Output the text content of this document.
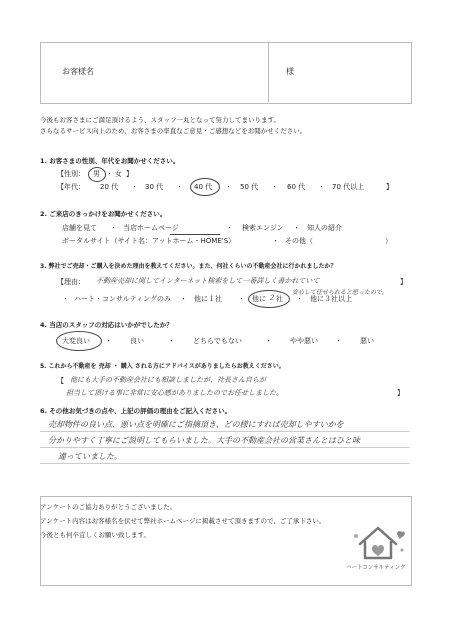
お客様名	様
今後もお客さまにご満足頂けるよう、スタッフ一丸となって努力してまいります。
さらなるサービス向上のため、お客さまの率直なご意見・ご感想などをお聞かせください。
1. お客さまの性別、年代をお聞かせください。
【性別： 男 ・ 女 】
【年代： 20 代 ・ 30 代 ・ 40 代 ・ 50 代 ・ 60 代 ・ 70 代以上	】
2. ご来店のきっかけをお聞かせください。
店舗を見て ・ 当店ホームページ	・ 検索エンジン ・ 知人の紹介
ポータルサイト（サイト名：アットホーム・HOME'S）	・ その他（	）
3. 弊社でご売却・ご購入を決めた理由を教えてください。また、何社くらいの不動産会社に行かれましたか？
【理由： 不動産売却に関してインターネット検索をして一番詳しく書かれていて
安心して任せられると思ったので。
】
・ ハート・コンサルティングのみ ・ 他に１社 ・ 他に ２ 社 ・ 他に３社以上
4. 当店のスタッフの対応はいかがでしたか？
大変良い ・	良い	・	どちらでもない	・	やや悪い ・	悪い
5. これから不動産を 売却 ・ 購入 される方にアドバイスがありましたらお教えください。
【 他にも大手の不動産会社にも相談しましたが、社長さん自らが
担当して頂ける事に非常に安心感がありましたのでお任せしました。	】
6. その他お気づきの点や、上記の評価の理由をご記入ください。
売却物件の良い点、悪い点を明確にご指摘頂き、どの様にすれば売却しやすいかを
分かりやすく丁寧にご説明してもらいました。大手の不動産会社の営業さんとはひと味
違っていました。
アンケートのご協力ありがとうございました。
アンケート内容はお客様名を伏せて弊社ホームページに掲載させて頂きますので、ご了承下さい。
今後とも何卒宜しくお願い致します。
ハートコンサルティング
